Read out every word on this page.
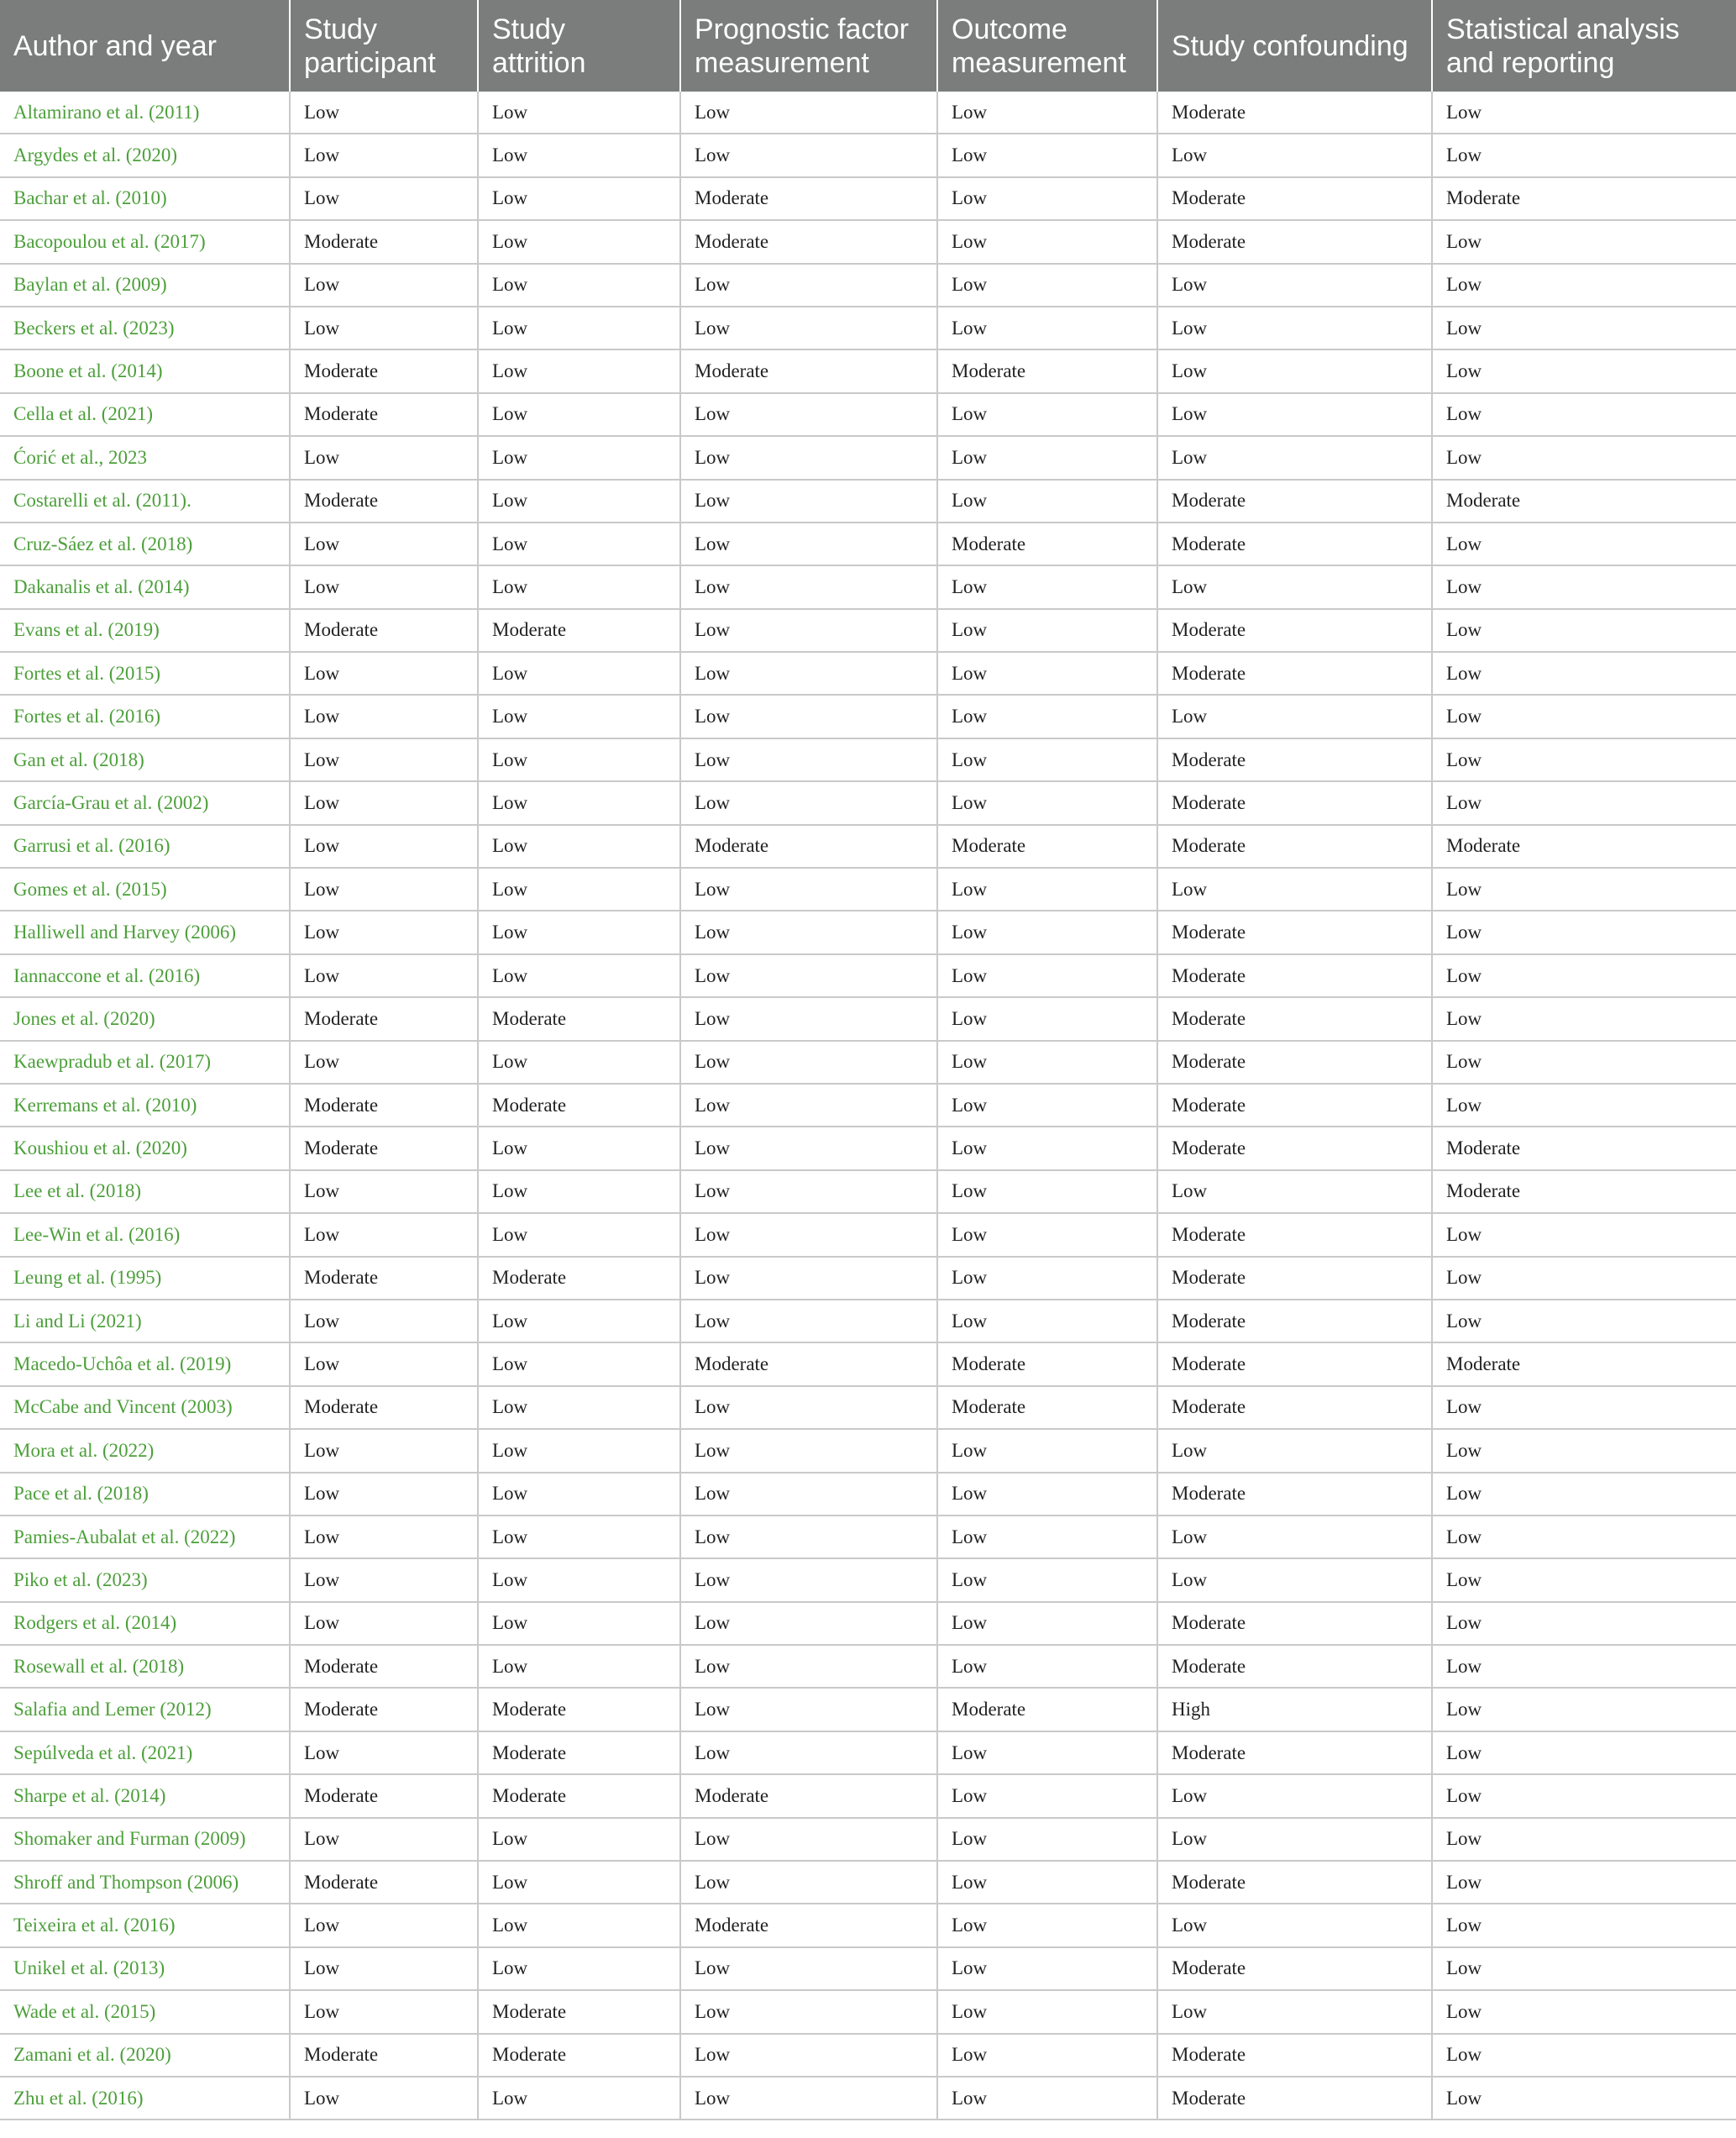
Author and year	Study participant	Study attrition	Prognostic factor measurement	Outcome measurement	Study confounding	Statistical analysis and reporting
Altamirano et al. (2011)	Low	Low	Low	Low	Moderate	Low
Argydes et al. (2020)	Low	Low	Low	Low	Low	Low
Bachar et al. (2010)	Low	Low	Moderate	Low	Moderate	Moderate
Bacopoulou et al. (2017)	Moderate	Low	Moderate	Low	Moderate	Low
Baylan et al. (2009)	Low	Low	Low	Low	Low	Low
Beckers et al. (2023)	Low	Low	Low	Low	Low	Low
Boone et al. (2014)	Moderate	Low	Moderate	Moderate	Low	Low
Cella et al. (2021)	Moderate	Low	Low	Low	Low	Low
Ćorić et al., 2023	Low	Low	Low	Low	Low	Low
Costarelli et al. (2011).	Moderate	Low	Low	Low	Moderate	Moderate
Cruz-Sáez et al. (2018)	Low	Low	Low	Moderate	Moderate	Low
Dakanalis et al. (2014)	Low	Low	Low	Low	Low	Low
Evans et al. (2019)	Moderate	Moderate	Low	Low	Moderate	Low
Fortes et al. (2015)	Low	Low	Low	Low	Moderate	Low
Fortes et al. (2016)	Low	Low	Low	Low	Low	Low
Gan et al. (2018)	Low	Low	Low	Low	Moderate	Low
García-Grau et al. (2002)	Low	Low	Low	Low	Moderate	Low
Garrusi et al. (2016)	Low	Low	Moderate	Moderate	Moderate	Moderate
Gomes et al. (2015)	Low	Low	Low	Low	Low	Low
Halliwell and Harvey (2006)	Low	Low	Low	Low	Moderate	Low
Iannaccone et al. (2016)	Low	Low	Low	Low	Moderate	Low
Jones et al. (2020)	Moderate	Moderate	Low	Low	Moderate	Low
Kaewpradub et al. (2017)	Low	Low	Low	Low	Moderate	Low
Kerremans et al. (2010)	Moderate	Moderate	Low	Low	Moderate	Low
Koushiou et al. (2020)	Moderate	Low	Low	Low	Moderate	Moderate
Lee et al. (2018)	Low	Low	Low	Low	Low	Moderate
Lee-Win et al. (2016)	Low	Low	Low	Low	Moderate	Low
Leung et al. (1995)	Moderate	Moderate	Low	Low	Moderate	Low
Li and Li (2021)	Low	Low	Low	Low	Moderate	Low
Macedo-Uchôa et al. (2019)	Low	Low	Moderate	Moderate	Moderate	Moderate
McCabe and Vincent (2003)	Moderate	Low	Low	Moderate	Moderate	Low
Mora et al. (2022)	Low	Low	Low	Low	Low	Low
Pace et al. (2018)	Low	Low	Low	Low	Moderate	Low
Pamies-Aubalat et al. (2022)	Low	Low	Low	Low	Low	Low
Piko et al. (2023)	Low	Low	Low	Low	Low	Low
Rodgers et al. (2014)	Low	Low	Low	Low	Moderate	Low
Rosewall et al. (2018)	Moderate	Low	Low	Low	Moderate	Low
Salafia and Lemer (2012)	Moderate	Moderate	Low	Moderate	High	Low
Sepúlveda et al. (2021)	Low	Moderate	Low	Low	Moderate	Low
Sharpe et al. (2014)	Moderate	Moderate	Moderate	Low	Low	Low
Shomaker and Furman (2009)	Low	Low	Low	Low	Low	Low
Shroff and Thompson (2006)	Moderate	Low	Low	Low	Moderate	Low
Teixeira et al. (2016)	Low	Low	Moderate	Low	Low	Low
Unikel et al. (2013)	Low	Low	Low	Low	Moderate	Low
Wade et al. (2015)	Low	Moderate	Low	Low	Low	Low
Zamani et al. (2020)	Moderate	Moderate	Low	Low	Moderate	Low
Zhu et al. (2016)	Low	Low	Low	Low	Moderate	Low
